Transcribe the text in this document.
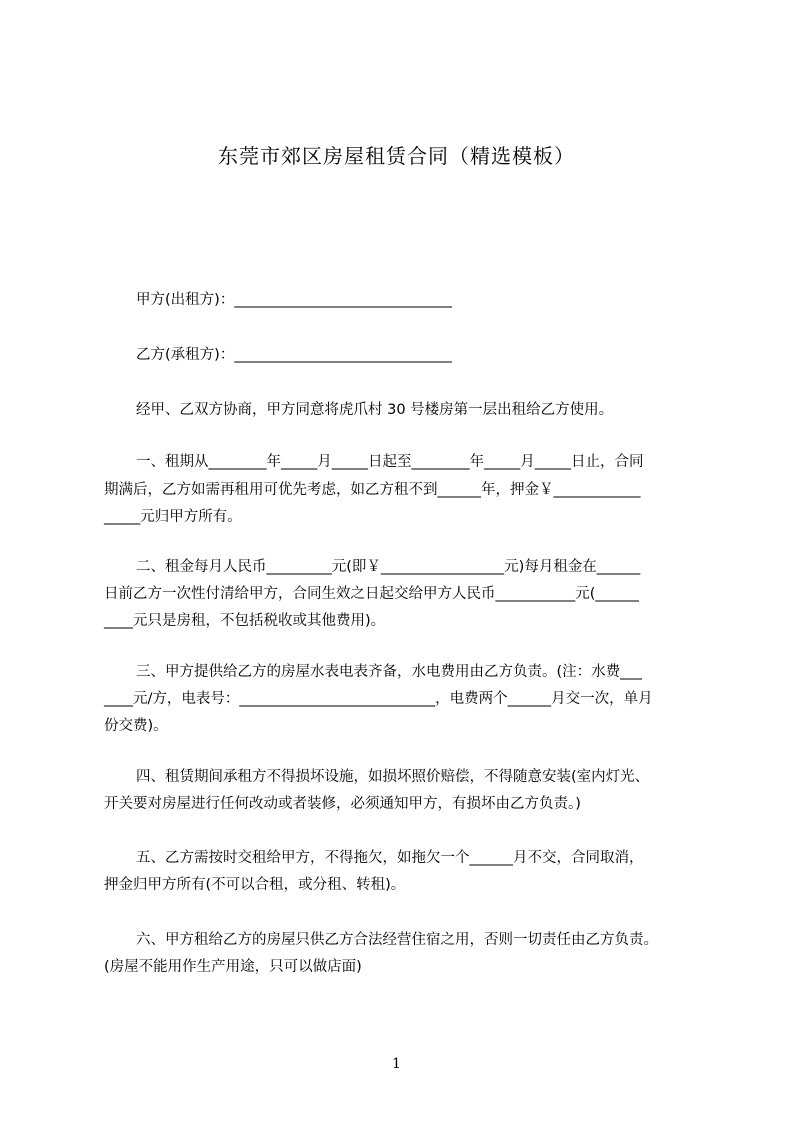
东莞市郊区房屋租赁合同（精选模板）
甲方(出租方)：______________________________
乙方(承租方)：______________________________
经甲、乙双方协商，甲方同意将虎爪村 30 号楼房第一层出租给乙方使用。
一、租期从________年_____月_____日起至________年_____月_____日止，合同
期满后，乙方如需再租用可优先考虑，如乙方租不到______年，押金￥____________
_____元归甲方所有。
二、租金每月人民币_________元(即￥_________________元)每月租金在______
日前乙方一次性付清给甲方，合同生效之日起交给甲方人民币___________元(______
____元只是房租，不包括税收或其他费用)。
三、甲方提供给乙方的房屋水表电表齐备，水电费用由乙方负责。(注：水费___
____元/方，电表号：___________________________，电费两个______月交一次，单月
份交费)。
四、租赁期间承租方不得损坏设施，如损坏照价赔偿，不得随意安装(室内灯光、
开关要对房屋进行任何改动或者装修，必须通知甲方，有损坏由乙方负责。)
五、乙方需按时交租给甲方，不得拖欠，如拖欠一个______月不交，合同取消，
押金归甲方所有(不可以合租，或分租、转租)。
六、甲方租给乙方的房屋只供乙方合法经营住宿之用，否则一切责任由乙方负责。
(房屋不能用作生产用途，只可以做店面)
1
